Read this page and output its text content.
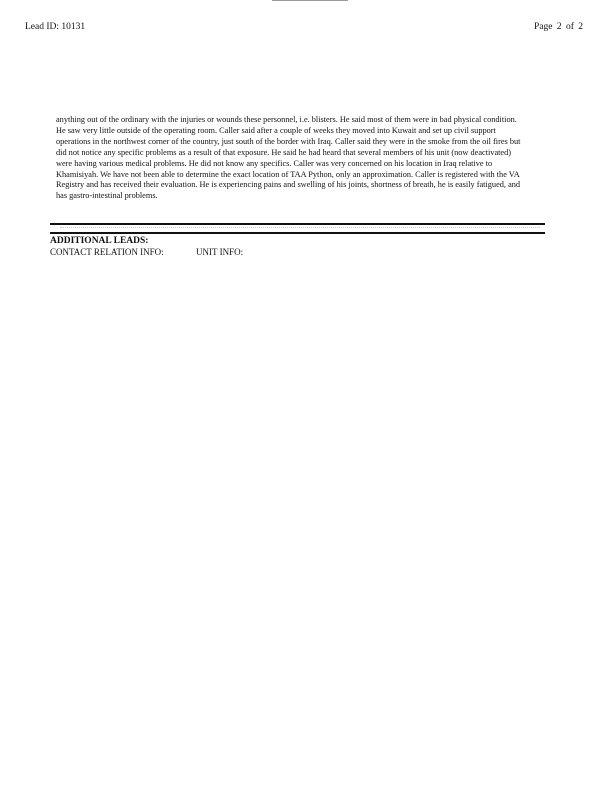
Lead ID: 10131	Page 2 of 2

anything out of the ordinary with the injuries or wounds these personnel, i.e. blisters. He said most of them were in bad physical condition. He saw very little outside of the operating room. Caller said after a couple of weeks they moved into Kuwait and set up civil support operations in the northwest corner of the country, just south of the border with Iraq. Caller said they were in the smoke from the oil fires but did not notice any specific problems as a result of that exposure. He said he had heard that several members of his unit (now deactivated) were having various medical problems. He did not know any specifics. Caller was very concerned on his location in Iraq relative to Khamisiyah. We have not been able to determine the exact location of TAA Python, only an approximation. Caller is registered with the VA Registry and has received their evaluation. He is experiencing pains and swelling of his joints, shortness of breath, he is easily fatigued, and has gastro-intestinal problems.

ADDITIONAL LEADS:
CONTACT RELATION INFO:	UNIT INFO:
